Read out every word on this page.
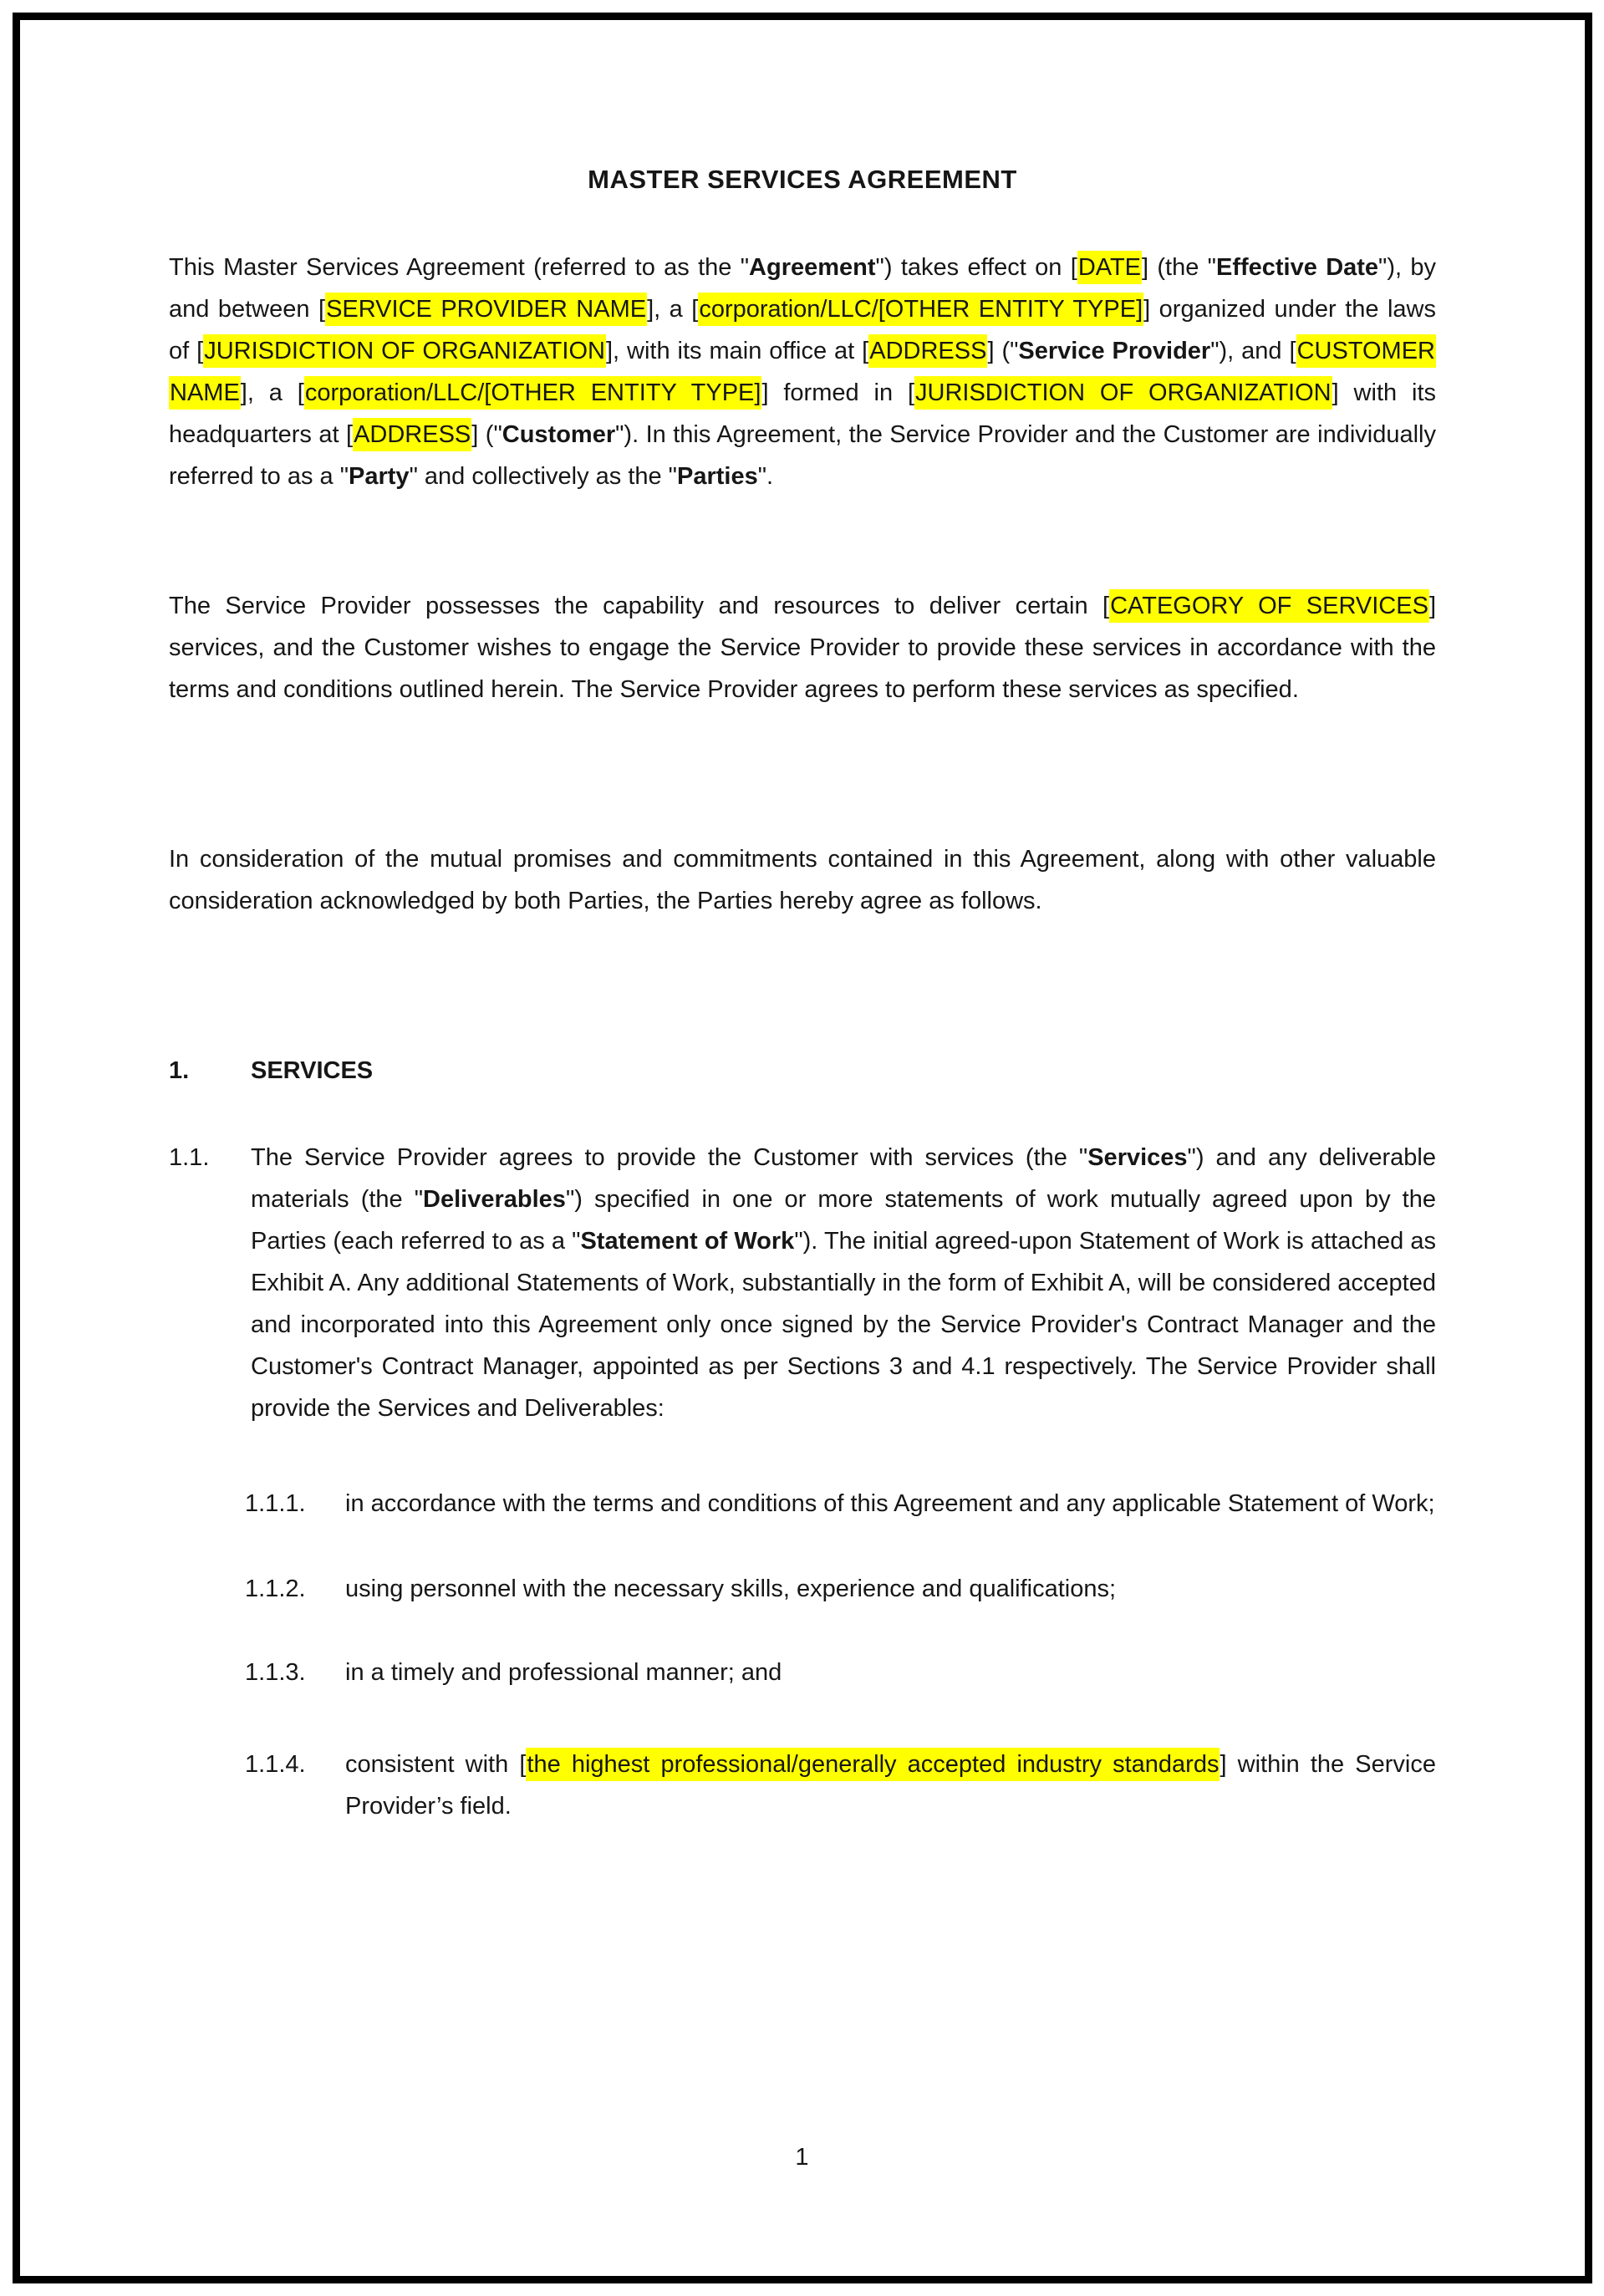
MASTER SERVICES AGREEMENT
This Master Services Agreement (referred to as the "Agreement") takes effect on [DATE] (the "Effective Date"), by and between [SERVICE PROVIDER NAME], a [corporation/LLC/[OTHER ENTITY TYPE]] organized under the laws of [JURISDICTION OF ORGANIZATION], with its main office at [ADDRESS] ("Service Provider"), and [CUSTOMER NAME], a [corporation/LLC/[OTHER ENTITY TYPE]] formed in [JURISDICTION OF ORGANIZATION] with its headquarters at [ADDRESS] ("Customer"). In this Agreement, the Service Provider and the Customer are individually referred to as a "Party" and collectively as the "Parties".
The Service Provider possesses the capability and resources to deliver certain [CATEGORY OF SERVICES] services, and the Customer wishes to engage the Service Provider to provide these services in accordance with the terms and conditions outlined herein. The Service Provider agrees to perform these services as specified.
In consideration of the mutual promises and commitments contained in this Agreement, along with other valuable consideration acknowledged by both Parties, the Parties hereby agree as follows.
1.	SERVICES
1.1.	The Service Provider agrees to provide the Customer with services (the "Services") and any deliverable materials (the "Deliverables") specified in one or more statements of work mutually agreed upon by the Parties (each referred to as a "Statement of Work"). The initial agreed-upon Statement of Work is attached as Exhibit A. Any additional Statements of Work, substantially in the form of Exhibit A, will be considered accepted and incorporated into this Agreement only once signed by the Service Provider's Contract Manager and the Customer's Contract Manager, appointed as per Sections 3 and 4.1 respectively. The Service Provider shall provide the Services and Deliverables:
1.1.1.	in accordance with the terms and conditions of this Agreement and any applicable Statement of Work;
1.1.2.	using personnel with the necessary skills, experience and qualifications;
1.1.3.	in a timely and professional manner; and
1.1.4.	consistent with [the highest professional/generally accepted industry standards] within the Service Provider’s field.
1
